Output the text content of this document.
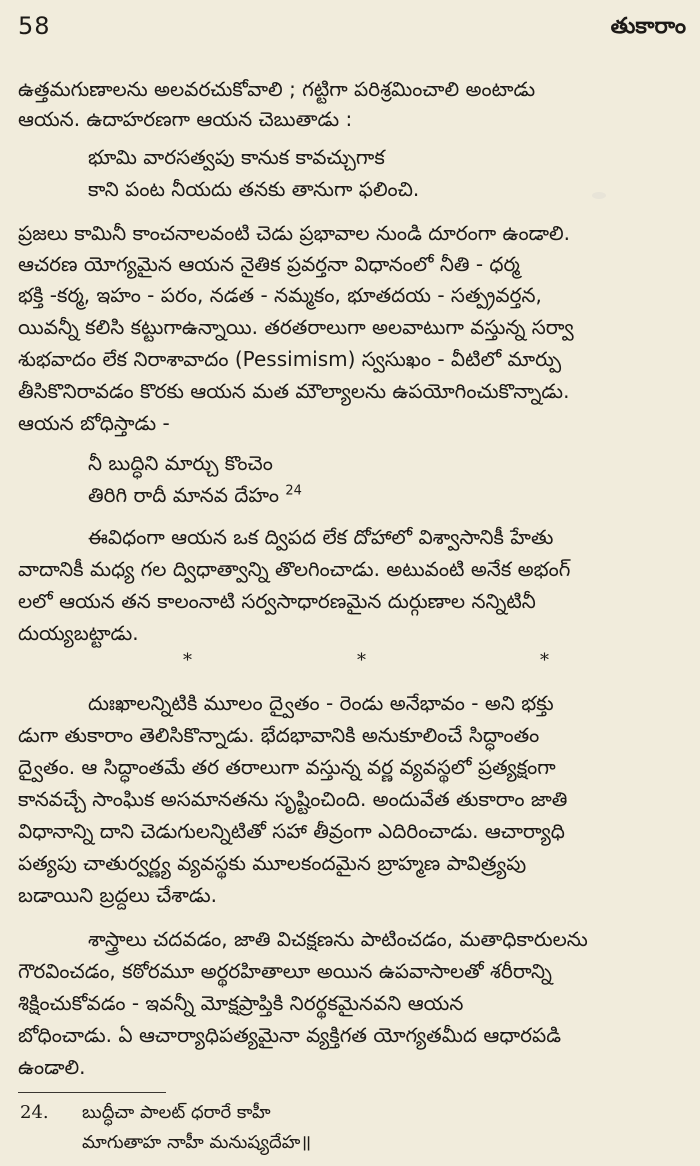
58	తుకారాం
ఉత్తమగుణాలను అలవరచుకోవాలి ; గట్టిగా పరిశ్రమించాలి అంటాడు
ఆయన. ఉదాహరణగా ఆయన చెబుతాడు :
భూమి వారసత్వపు కానుక కావచ్చుగాక
కాని పంట నీయదు తనకు తానుగా ఫలించి.
ప్రజలు కామినీ కాంచనాలవంటి చెడు ప్రభావాల నుండి దూరంగా ఉండాలి.
ఆచరణ యోగ్యమైన ఆయన నైతిక ప్రవర్తనా విధానంలో నీతి - ధర్మ
భక్తి -కర్మ, ఇహం - పరం, నడత - నమ్మకం, భూతదయ - సత్ప్రవర్తన,
యివన్నీ కలిసి కట్టుగాఉన్నాయి. తరతరాలుగా అలవాటుగా వస్తున్న సర్వా
శుభవాదం లేక నిరాశావాదం (Pessimism) స్వసుఖం - వీటిలో మార్పు
తీసికొనిరావడం కొరకు ఆయన మత మౌల్యాలను ఉపయోగించుకొన్నాడు.
ఆయన బోధిస్తాడు -
నీ బుద్ధిని మార్చు కొంచెం
తిరిగి రాదీ మానవ దేహం $^{24}$
ఈవిధంగా ఆయన ఒక ద్విపద లేక దోహాలో విశ్వాసానికీ హేతు
వాదానికీ మధ్య గల ద్విధాత్వాన్ని తొలగించాడు. అటువంటి అనేక అభంగ్
లలో ఆయన తన కాలంనాటి సర్వసాధారణమైన దుర్గుణాల నన్నిటినీ
దుయ్యబట్టాడు.
*	*	*
దుఃఖాలన్నిటికి మూలం ద్వైతం - రెండు అనేభావం - అని భక్తు
డుగా తుకారాం తెలిసికొన్నాడు. భేదభావానికి అనుకూలించే సిద్ధాంతం
ద్వైతం. ఆ సిద్ధాంతమే తర తరాలుగా వస్తున్న వర్ణ వ్యవస్థలో ప్రత్యక్షంగా
కానవచ్చే సాంఘిక అసమానతను సృష్టించింది. అందువేత తుకారాం జాతి
విధానాన్ని దాని చెడుగులన్నిటితో సహా తీవ్రంగా ఎదిరించాడు. ఆచార్యాధి
పత్యపు చాతుర్వర్ణ్య వ్యవస్థకు మూలకందమైన బ్రాహ్మణ పావిత్ర్యపు
బడాయిని బ్రద్దలు చేశాడు.
శాస్త్రాలు చదవడం, జాతి విచక్షణను పాటించడం, మతాధికారులను
గౌరవించడం, కఠోరమూ అర్థరహితాలూ అయిన ఉపవాసాలతో శరీరాన్ని
శిక్షించుకోవడం - ఇవన్నీ మోక్షప్రాప్తికి నిరర్థకమైనవని ఆయన
బోధించాడు. ఏ ఆచార్యాధిపత్యమైనా వ్యక్తిగత యోగ్యతమీద ఆధారపడి
ఉండాలి.
24. బుద్ధీచా పాలట్ ధరారే కాహీ
మాగుతాహ నాహీ మనుష్యదేహ॥
